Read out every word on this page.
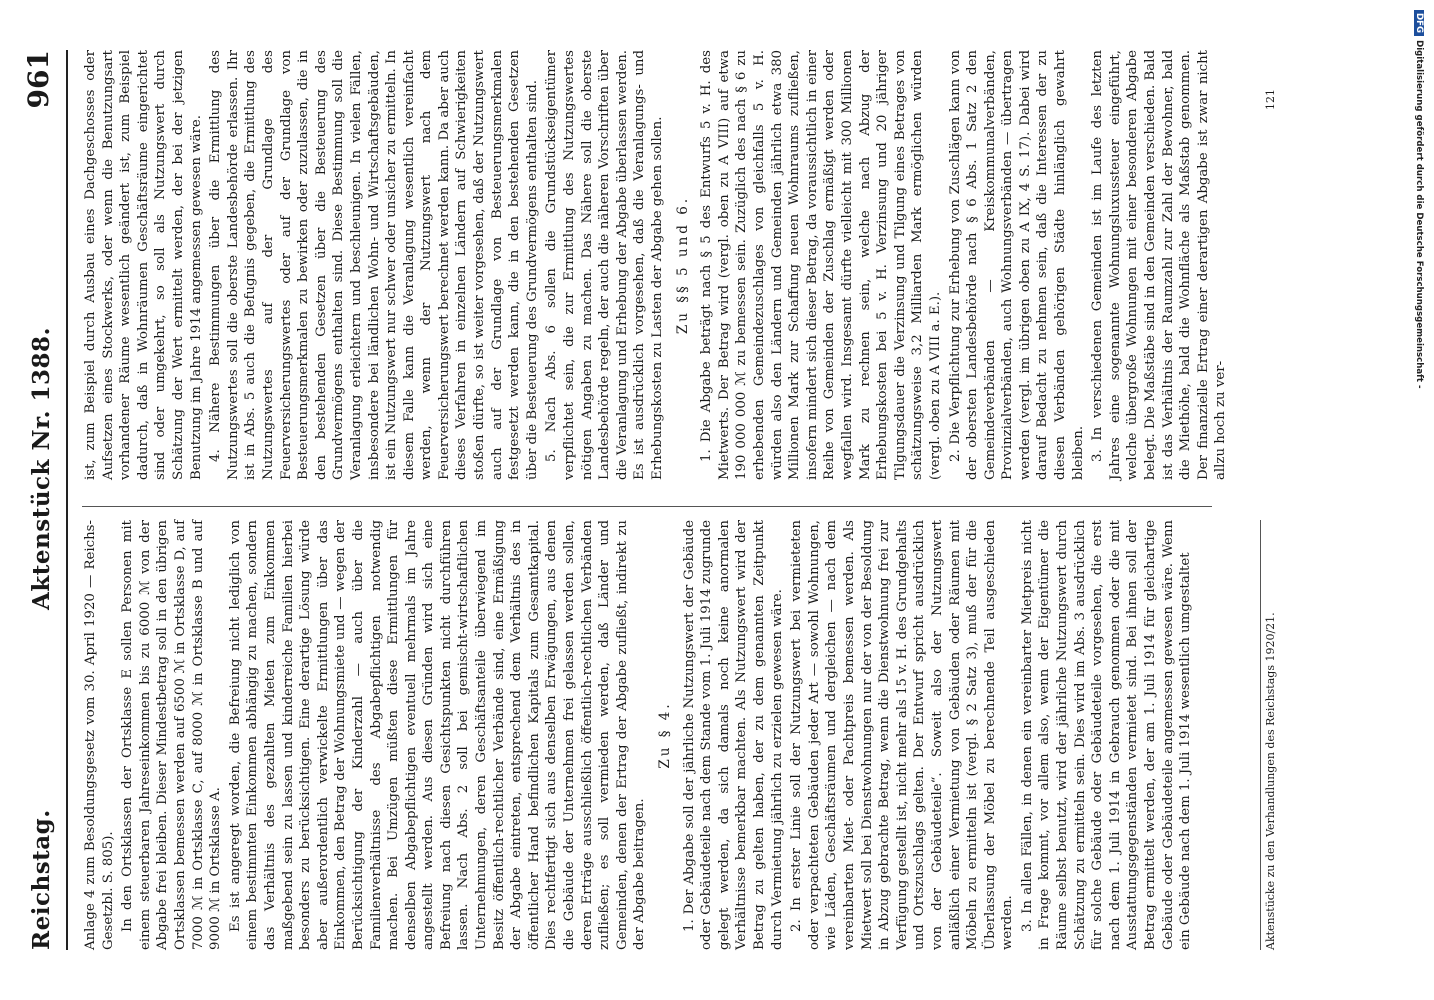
Reichstag.
Aktenstück Nr. 1388.
961

Anlage 4 zum Besoldungsgesetz vom 30. April 1920 — Reichs-Gesetzbl. S. 805). In den Ortsklassen der Ortsklasse E sollen Personen mit einem steuerbaren Jahreseinkommen bis zu 6000 ℳ von der Abgabe frei bleiben. Dieser Mindestbetrag soll in den übrigen Ortsklassen bemessen werden auf 6500 ℳ in Ortsklasse D, auf 7000 ℳ in Ortsklasse C, auf 8000 ℳ in Ortsklasse B und auf 9000 ℳ in Ortsklasse A. Es ist angeregt worden, die Befreiung nicht lediglich von einem bestimmten Einkommen abhängig zu machen, sondern das Verhältnis des gezahlten Mieten zum Einkommen maßgebend sein zu lassen und kinderreiche Familien hierbei besonders zu berücksichtigen. Eine derartige Lösung würde aber außerordentlich verwickelte Ermittlungen über das Einkommen, den Betrag der Wohnungsmiete und — wegen der Berücksichtigung der Kinderzahl — auch über die Familienverhältnisse des Abgabepflichtigen notwendig machen. Bei Umzügen müßten diese Ermittlungen für denselben Abgabepflichtigen eventuell mehrmals im Jahre angestellt werden. Aus diesen Gründen wird sich eine Befreiung nach diesen Gesichtspunkten nicht durchführen lassen. Nach Abs. 2 soll bei gemischt-wirtschaftlichen Unternehmungen, deren Geschäftsanteile überwiegend im Besitz öffentlich-rechtlicher Verbände sind, eine Ermäßigung der Abgabe eintreten, entsprechend dem Verhältnis des in öffentlicher Hand befindlichen Kapitals zum Gesamtkapital. Dies rechtfertigt sich aus denselben Erwägungen, aus denen die Gebäude der Unternehmen frei gelassen werden sollen, deren Erträge ausschließlich öffentlich-rechtlichen Verbänden zufließen; es soll vermieden werden, daß Länder und Gemeinden, denen der Ertrag der Abgabe zufließt, indirekt zu der Abgabe beitragen.

Zu § 4. 1. Der Abgabe soll der jährliche Nutzungswert der Gebäude oder Gebäudeteile nach dem Stande vom 1. Juli 1914 zugrunde gelegt werden, da sich damals noch keine anormalen Verhältnisse bemerkbar machten. Als Nutzungswert wird der Betrag zu gelten haben, der zu dem genannten Zeitpunkt durch Vermietung jährlich zu erzielen gewesen wäre. 2. In erster Linie soll der Nutzungswert bei vermieteten oder verpachteten Gebäuden jeder Art — sowohl Wohnungen, wie Läden, Geschäftsräumen und dergleichen — nach dem vereinbarten Miet- oder Pachtpreis bemessen werden. Als Mietwert soll bei Dienstwohnungen nur der von der Besoldung in Abzug gebrachte Betrag, wenn die Dienstwohnung frei zur Verfügung gestellt ist, nicht mehr als 15 v. H. des Grundgehalts und Ortszuschlags gelten. Der Entwurf spricht ausdrücklich von der Gebäudeteile“. Soweit also der Nutzungswert anläßlich einer Vermietung von Gebäuden oder Räumen mit Möbeln zu ermitteln ist (vergl. § 2 Satz 3), muß der für die Überlassung der Möbel zu berechnende Teil ausgeschieden werden. 3. In allen Fällen, in denen ein vereinbarter Mietpreis nicht in Frage kommt, vor allem also, wenn der Eigentümer die Räume selbst benutzt, wird der jährliche Nutzungswert durch Schätzung zu ermitteln sein. Dies wird im Abs. 3 ausdrücklich für solche Gebäude oder Gebäudeteile vorgesehen, die erst nach dem 1. Juli 1914 in Gebrauch genommen oder die mit Ausstattungsgegenständen vermietet sind. Bei ihnen soll der Betrag ermittelt werden, der am 1. Juli 1914 für gleichartige Gebäude oder Gebäudeteile angemessen gewesen wäre. Wenn ein Gebäude nach dem 1. Juli 1914 wesentlich umgestaltet

ist, zum Beispiel durch Ausbau eines Dachgeschosses oder Aufsetzen eines Stockwerks, oder wenn die Benutzungsart vorhandener Räume wesentlich geändert ist, zum Beispiel dadurch, daß in Wohnräumen Geschäftsräume eingerichtet sind oder umgekehrt, so soll als Nutzungswert durch Schätzung der Wert ermittelt werden, der bei der jetzigen Benutzung im Jahre 1914 angemessen gewesen wäre. 4. Nähere Bestimmungen über die Ermittlung des Nutzungswertes soll die oberste Landesbehörde erlassen. Ihr ist in Abs. 5 auch die Befugnis gegeben, die Ermittlung des Nutzungswertes auf der Grundlage des Feuerversicherungswertes oder auf der Grundlage von Besteuerungsmerkmalen zu bewirken oder zuzulassen, die in den bestehenden Gesetzen über die Besteuerung des Grundvermögens enthalten sind. Diese Bestimmung soll die Veranlagung erleichtern und beschleunigen. In vielen Fällen, insbesondere bei ländlichen Wohn- und Wirtschaftsgebäuden, ist ein Nutzungswert nur schwer oder unsicher zu ermitteln. In diesem Falle kann die Veranlagung wesentlich vereinfacht werden, wenn der Nutzungswert nach dem Feuerversicherungswert berechnet werden kann. Da aber auch dieses Verfahren in einzelnen Ländern auf Schwierigkeiten stoßen dürfte, so ist weiter vorgesehen, daß der Nutzungswert auch auf der Grundlage von Besteuerungsmerkmalen festgesetzt werden kann, die in den bestehenden Gesetzen über die Besteuerung des Grundvermögens enthalten sind. 5. Nach Abs. 6 sollen die Grundstückseigentümer verpflichtet sein, die zur Ermittlung des Nutzungswertes nötigen Angaben zu machen. Das Nähere soll die oberste Landesbehörde regeln, der auch die näheren Vorschriften über die Veranlagung und Erhebung der Abgabe überlassen werden. Es ist ausdrücklich vorgesehen, daß die Veranlagungs- und Erhebungskosten zu Lasten der Abgabe gehen sollen. Zu §§ 5 und 6. 1. Die Abgabe beträgt nach § 5 des Entwurfs 5 v. H. des Mietwerts. Der Betrag wird (vergl. oben zu A VIII) auf etwa 190 000 000 ℳ zu bemessen sein. Zuzüglich des nach § 6 zu erhebenden Gemeindezuschlages von gleichfalls 5 v. H. würden also den Ländern und Gemeinden jährlich etwa 380 Millionen Mark zur Schaffung neuen Wohnraums zufließen, insofern mindert sich dieser Betrag, da voraussichtlich in einer Reihe von Gemeinden der Zuschlag ermäßigt werden oder wegfallen wird. Insgesamt dürfte vielleicht mit 300 Millionen Mark zu rechnen sein, welche nach Abzug der Erhebungskosten bei 5 v. H. Verzinsung und 20 jähriger Tilgungsdauer die Verzinsung und Tilgung eines Betrages von schätzungsweise 3,2 Milliarden Mark ermöglichen würden (vergl. oben zu A VIII a. E.). 2. Die Verpflichtung zur Erhebung von Zuschlägen kann von der obersten Landesbehörde nach § 6 Abs. 1 Satz 2 den Gemeindeverbänden — Kreiskommunalverbänden, Provinzialverbänden, auch Wohnungsverbänden — übertragen werden (vergl. im übrigen oben zu A IX, 4 S. 17). Dabei wird darauf Bedacht zu nehmen sein, daß die Interessen der zu diesen Verbänden gehörigen Städte hinlänglich gewahrt bleiben. 3. In verschiedenen Gemeinden ist im Laufe des letzten Jahres eine sogenannte Wohnungsluxussteuer eingeführt, welche übergroße Wohnungen mit einer besonderen Abgabe belegt. Die Maßstäbe sind in den Gemeinden verschieden. Bald ist das Verhältnis der Raumzahl zur Zahl der Bewohner, bald die Miethöhe, bald die Wohnfläche als Maßstab genommen. Der finanzielle Ertrag einer derartigen Abgabe ist zwar nicht allzu hoch zu ver-

Aktenstücke zu den Verhandlungen des Reichstags 1920/21.
121
DFGDigitalisierung gefördert durch die Deutsche Forschungsgemeinschaft -
